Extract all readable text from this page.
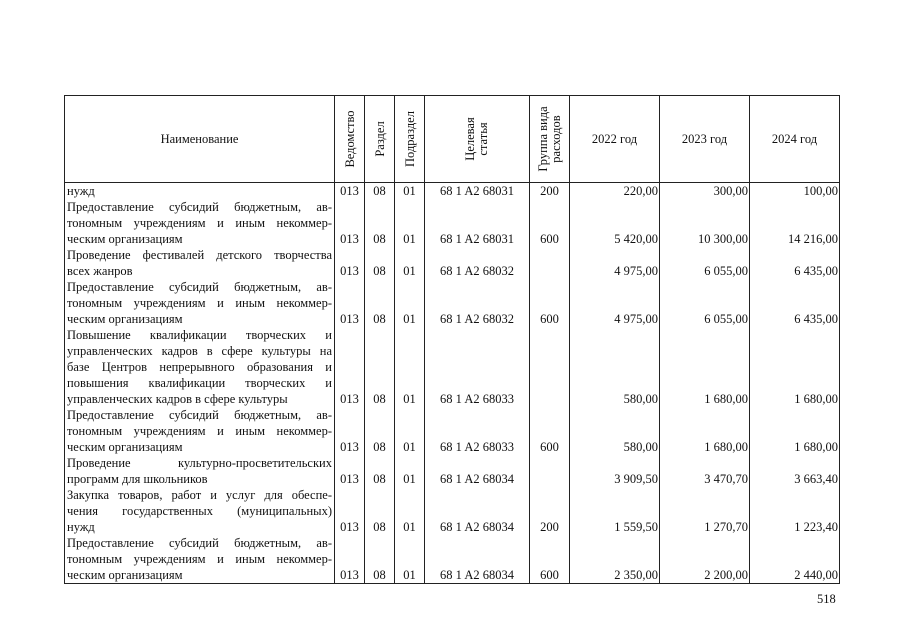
Наименование	Ведомство	Раздел	Подраздел	Целевая статья	Группа вида расходов	2022 год	2023 год	2024 год

нужд	013	08	01	68 1 A2 68031	200	220,00	300,00	100,00

Предоставление субсидий бюджетным, ав-
тономным учреждениям и иным некоммер-
ческим организациям	013	08	01	68 1 A2 68031	600	5 420,00	10 300,00	14 216,00

Проведение фестивалей детского творчества
всех жанров	013	08	01	68 1 A2 68032		4 975,00	6 055,00	6 435,00

Предоставление субсидий бюджетным, ав-
тономным учреждениям и иным некоммер-
ческим организациям	013	08	01	68 1 A2 68032	600	4 975,00	6 055,00	6 435,00

Повышение квалификации творческих и
управленческих кадров в сфере культуры на
базе Центров непрерывного образования и
повышения квалификации творческих и
управленческих кадров в сфере культуры	013	08	01	68 1 A2 68033		580,00	1 680,00	1 680,00

Предоставление субсидий бюджетным, ав-
тономным учреждениям и иным некоммер-
ческим организациям	013	08	01	68 1 A2 68033	600	580,00	1 680,00	1 680,00

Проведение культурно-просветительских
программ для школьников	013	08	01	68 1 A2 68034		3 909,50	3 470,70	3 663,40

Закупка товаров, работ и услуг для обеспе-
чения государственных (муниципальных)
нужд	013	08	01	68 1 A2 68034	200	1 559,50	1 270,70	1 223,40

Предоставление субсидий бюджетным, ав-
тономным учреждениям и иным некоммер-
ческим организациям	013	08	01	68 1 A2 68034	600	2 350,00	2 200,00	2 440,00
518
